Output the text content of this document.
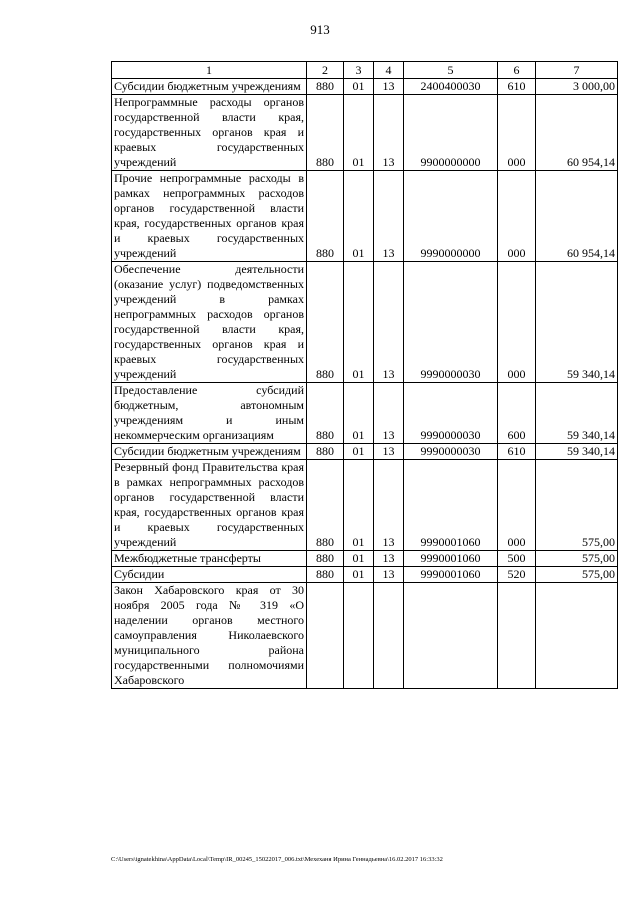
913
1	2	3	4	5	6	7
Субсидии бюджетным учреждениям	880	01	13	2400400030	610	3 000,00
Непрограммные расходы органов государственной власти края, государственных органов края и краевых государственных учреждений	880	01	13	9900000000	000	60 954,14
Прочие непрограммные расходы в рамках непрограммных расходов органов государственной власти края, государственных органов края и краевых государственных учреждений	880	01	13	9990000000	000	60 954,14
Обеспечение деятельности (оказание услуг) подведомственных учреждений в рамках непрограммных расходов органов государственной власти края, государственных органов края и краевых государственных учреждений	880	01	13	9990000030	000	59 340,14
Предоставление субсидий бюджетным, автономным учреждениям и иным некоммерческим организациям	880	01	13	9990000030	600	59 340,14
Субсидии бюджетным учреждениям	880	01	13	9990000030	610	59 340,14
Резервный фонд Правительства края в рамках непрограммных расходов органов государственной власти края, государственных органов края и краевых государственных учреждений	880	01	13	9990001060	000	575,00
Межбюджетные трансферты	880	01	13	9990001060	500	575,00
Субсидии	880	01	13	9990001060	520	575,00
Закон Хабаровского края от 30 ноября 2005 года № 319 «О наделении органов местного самоуправления Николаевского муниципального района государственными полномочиями Хабаровского						
C:\Users\ignatekhina\AppData\Local\Temp\IR_00245_15022017_006.txt\Мехеханя Ирина Геннадьевна\16.02.2017 16:33:32
